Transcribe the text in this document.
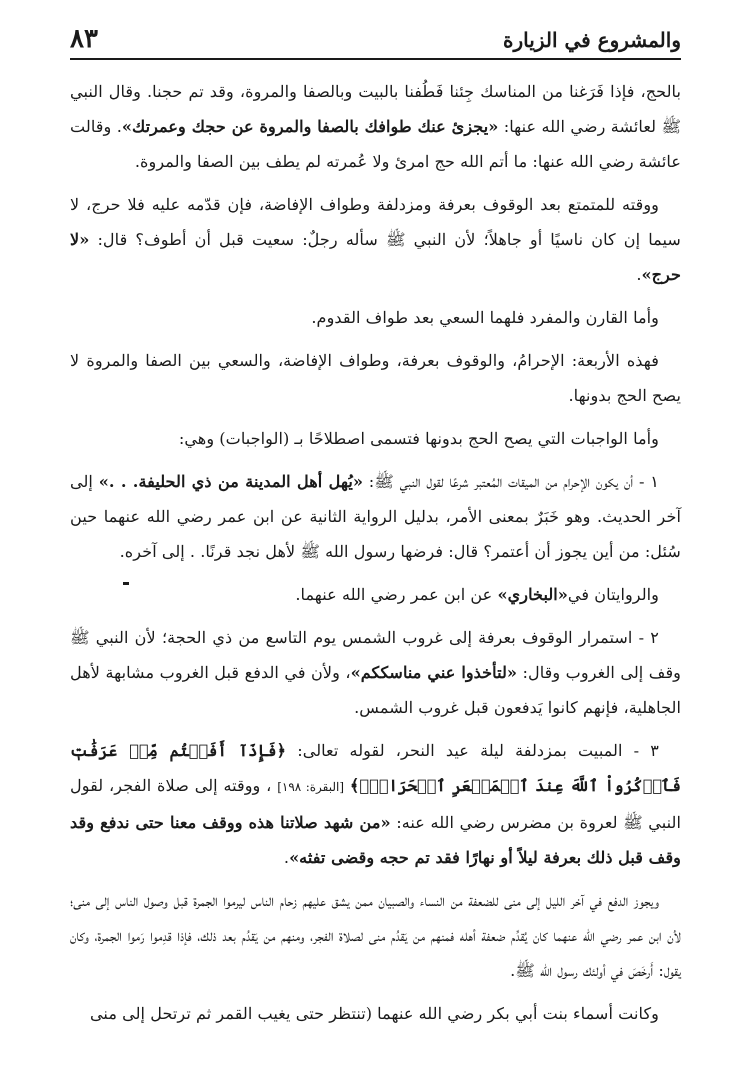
والمشروع في الزيارة
٨٣

بالحج، فإذا فَرَغنا من المناسك جِئنا فَطُفنا بالبيت وبالصفا والمروة، وقد تم حجنا. وقال النبي ﷺ لعائشة رضي الله عنها: «يجزئ عنك طوافك بالصفا والمروة عن حجك وعمرتك». وقالت عائشة رضي الله عنها: ما أتم الله حج امرئ ولا عُمرته لم يطف بين الصفا والمروة.

ووقته للمتمتع بعد الوقوف بعرفة ومزدلفة وطواف الإفاضة، فإن قدّمه عليه فلا حرج، لا سيما إن كان ناسيًا أو جاهلاً؛ لأن النبي ﷺ سأله رجلٌ: سعيت قبل أن أطوف؟ قال: «لا حرج».

وأما القارن والمفرد فلهما السعي بعد طواف القدوم.

فهذه الأربعة: الإحرامُ، والوقوف بعرفة، وطواف الإفاضة، والسعي بين الصفا والمروة لا يصح الحج بدونها.

وأما الواجبات التي يصح الحج بدونها فتسمى اصطلاحًا بـ (الواجبات) وهي:

١ - أن يكون الإحرام من الميقات المُعتبر شرعًا لقول النبي ﷺ: «يُهل أهل المدينة من ذي الحليفة. . .» إلى آخر الحديث. وهو خَبَرٌ بمعنى الأمر، بدليل الرواية الثانية عن ابن عمر رضي الله عنهما حين سُئل: من أين يجوز أن أعتمر؟ قال: فرضها رسول الله ﷺ لأهل نجد قرنًا. . إلى آخره.

والروايتان في«البخاري» عن ابن عمر رضي الله عنهما.

٢ - استمرار الوقوف بعرفة إلى غروب الشمس يوم التاسع من ذي الحجة؛ لأن النبي ﷺ وقف إلى الغروب وقال: «لتأخذوا عني مناسككم»، ولأن في الدفع قبل الغروب مشابهة لأهل الجاهلية، فإنهم كانوا يَدفعون قبل غروب الشمس.

٣ - المبيت بمزدلفة ليلة عيد النحر، لقوله تعالى: ﴿فَإِذَآ أَفَضۡتُم مِّنۡ عَرَفَٰتٖ فَٱذۡكُرُواْ ٱللَّهَ عِندَ ٱلۡمَشۡعَرِ ٱلۡحَرَامِۖ﴾ [البقرة: ١٩٨] ، ووقته إلى صلاة الفجر، لقول النبي ﷺ لعروة بن مضرس رضي الله عنه: «من شهد صلاتنا هذه ووقف معنا حتى ندفع وقد وقف قبل ذلك بعرفة ليلاً أو نهارًا فقد تم حجه وقضى تفثه».

ويجوز الدفع في آخر الليل إلى منى للضعفة من النساء والصبيان ممن يشق عليهم زحام الناس ليرموا الجمرة قبل وصول الناس إلى منى؛ لأن ابن عمر رضي الله عنهما كان يُقدِّم ضعفة أهله فمنهم من يَقدُم منى لصلاة الفجر، ومنهم من يَقدُم بعد ذلك، فإذا قدِموا رَموا الجمرة، وكان يقول: أَرخَصَ في أولئك رسول الله ﷺ.

وكانت أسماء بنت أبي بكر رضي الله عنهما (تنتظر حتى يغيب القمر ثم ترتحل إلى منى
